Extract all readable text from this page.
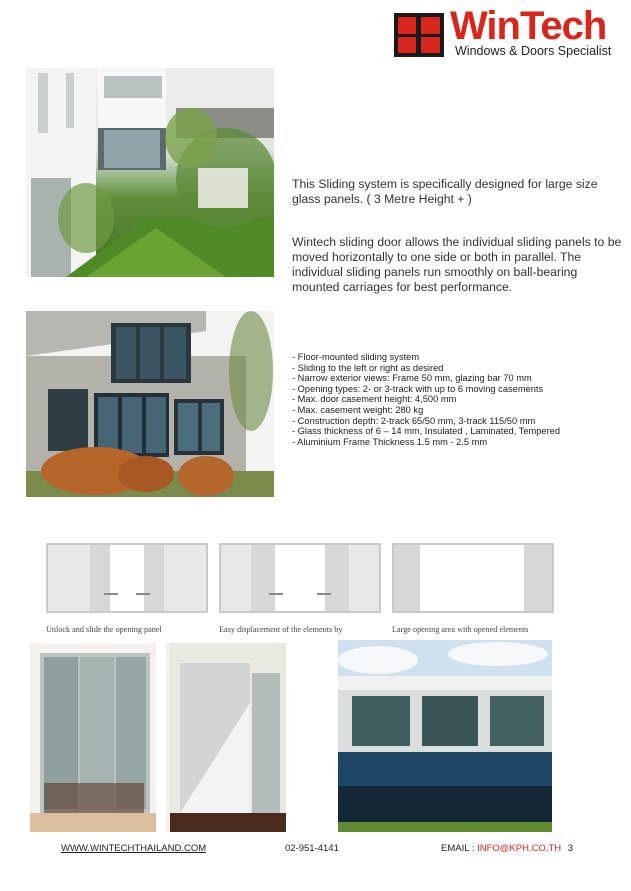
WinTech
Windows & Doors Specialist
This Sliding system is specifically designed for large size glass panels. ( 3 Metre Height + )
Wintech sliding door allows the individual sliding panels to be moved horizontally to one side or both in parallel. The individual sliding panels run smoothly on ball-bearing mounted carriages for best performance.
- Floor-mounted sliding system
- Sliding to the left or right as desired
- Narrow exterior views: Frame 50 mm, glazing bar 70 mm
- Opening types: 2- or 3-track with up to 6 moving casements
- Max. door casement height: 4,500 mm
- Max. casement weight: 280 kg
- Construction depth: 2-track 65/50 mm, 3-track 115/50 mm
- Glass thickness of 6 – 14 mm, Insulated , Laminated, Tempered
- Aluminium Frame Thickness 1.5 mm - 2.5 mm
Unlock and slide the opening panel	Easy displacement of the elements by	Large opening area with opened elements
WWW.WINTECHTHAILAND.COM	02-951-4141	EMAIL : INFO@KPH.CO.TH 3
